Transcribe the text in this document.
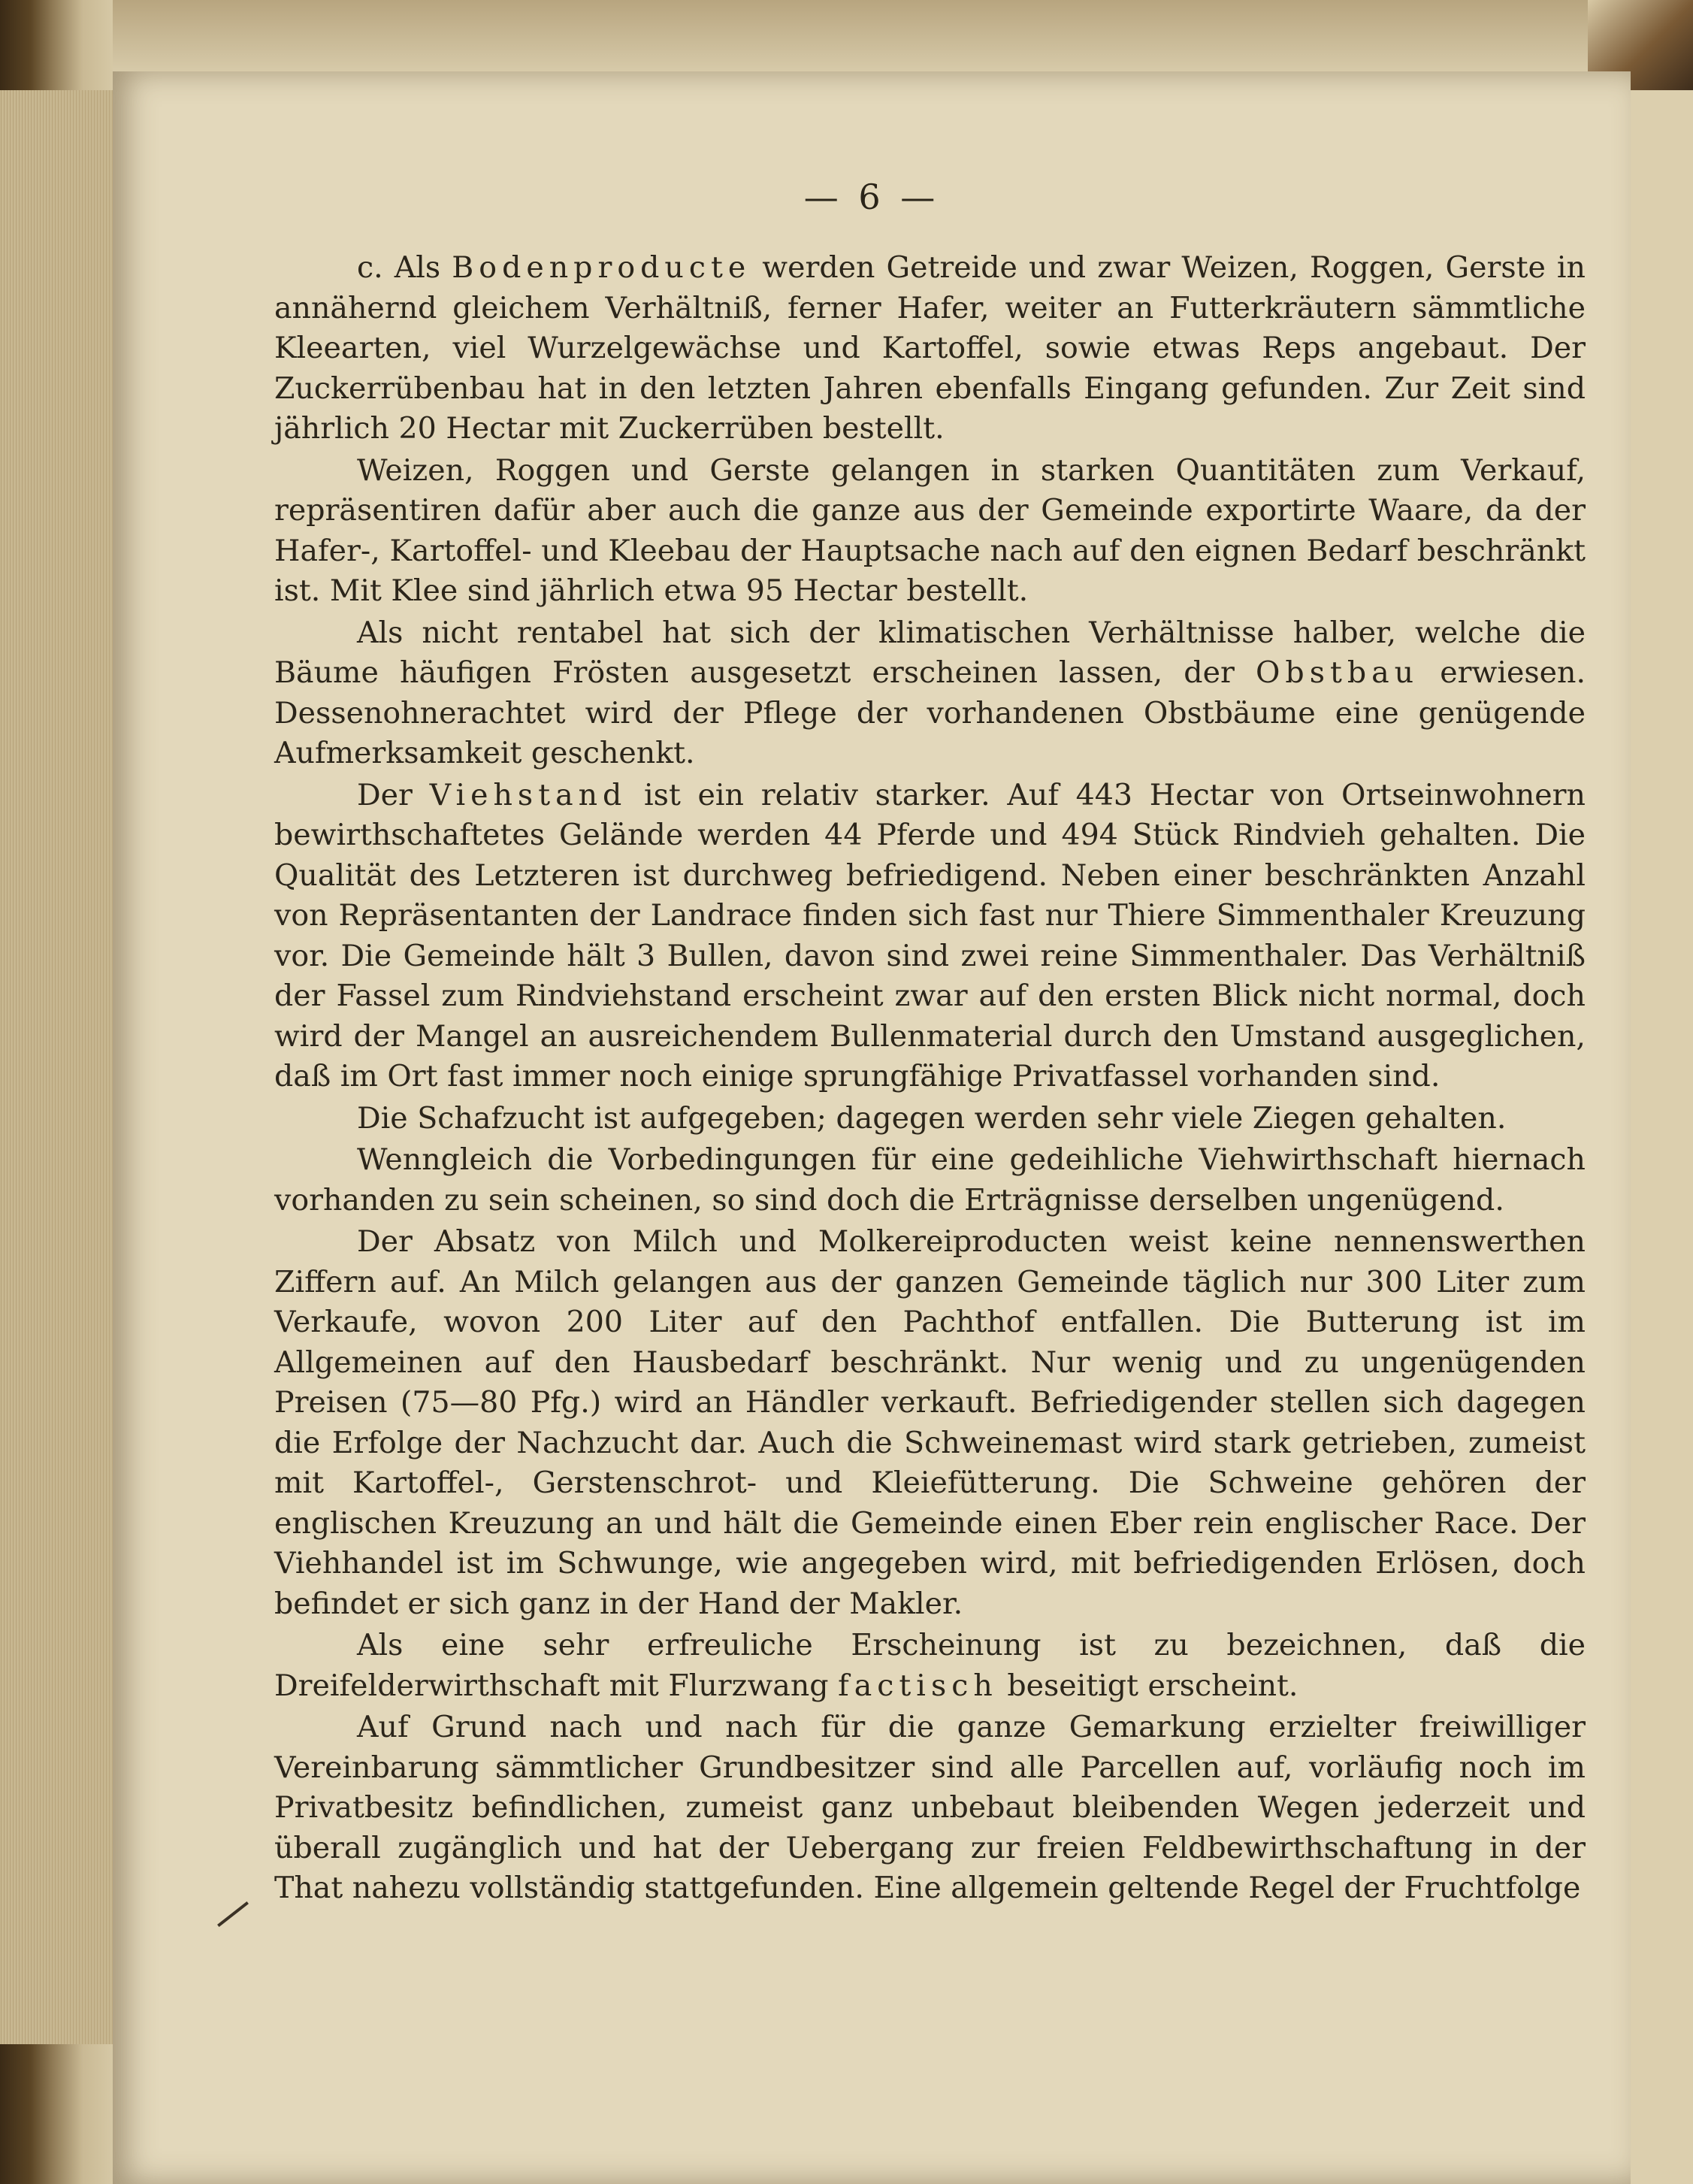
— 6 —

c. Als Bodenproducte werden Getreide und zwar Weizen, Roggen, Gerste in annähernd gleichem Verhältniß, ferner Hafer, weiter an Futterkräutern sämmtliche Kleearten, viel Wurzelgewächse und Kartoffel, sowie etwas Reps angebaut. Der Zuckerrübenbau hat in den letzten Jahren ebenfalls Eingang gefunden. Zur Zeit sind jährlich 20 Hectar mit Zuckerrüben bestellt.

Weizen, Roggen und Gerste gelangen in starken Quantitäten zum Verkauf, repräsentiren dafür aber auch die ganze aus der Gemeinde exportirte Waare, da der Hafer-, Kartoffel- und Kleebau der Hauptsache nach auf den eignen Bedarf beschränkt ist. Mit Klee sind jährlich etwa 95 Hectar bestellt.

Als nicht rentabel hat sich der klimatischen Verhältnisse halber, welche die Bäume häufigen Frösten ausgesetzt erscheinen lassen, der Obstbau erwiesen. Dessenohnerachtet wird der Pflege der vorhandenen Obstbäume eine genügende Aufmerksamkeit geschenkt.

Der Viehstand ist ein relativ starker. Auf 443 Hectar von Ortseinwohnern bewirthschaftetes Gelände werden 44 Pferde und 494 Stück Rindvieh gehalten. Die Qualität des Letzteren ist durchweg befriedigend. Neben einer beschränkten Anzahl von Repräsentanten der Landrace finden sich fast nur Thiere Simmenthaler Kreuzung vor. Die Gemeinde hält 3 Bullen, davon sind zwei reine Simmenthaler. Das Verhältniß der Fassel zum Rindviehstand erscheint zwar auf den ersten Blick nicht normal, doch wird der Mangel an ausreichendem Bullenmaterial durch den Umstand ausgeglichen, daß im Ort fast immer noch einige sprungfähige Privatfassel vorhanden sind.

Die Schafzucht ist aufgegeben; dagegen werden sehr viele Ziegen gehalten.

Wenngleich die Vorbedingungen für eine gedeihliche Viehwirthschaft hiernach vorhanden zu sein scheinen, so sind doch die Erträgnisse derselben ungenügend.

Der Absatz von Milch und Molkereiproducten weist keine nennenswerthen Ziffern auf. An Milch gelangen aus der ganzen Gemeinde täglich nur 300 Liter zum Verkaufe, wovon 200 Liter auf den Pachthof entfallen. Die Butterung ist im Allgemeinen auf den Hausbedarf beschränkt. Nur wenig und zu ungenügenden Preisen (75—80 Pfg.) wird an Händler verkauft. Befriedigender stellen sich dagegen die Erfolge der Nachzucht dar. Auch die Schweinemast wird stark getrieben, zumeist mit Kartoffel-, Gerstenschrot- und Kleiefütterung. Die Schweine gehören der englischen Kreuzung an und hält die Gemeinde einen Eber rein englischer Race. Der Viehhandel ist im Schwunge, wie angegeben wird, mit befriedigenden Erlösen, doch befindet er sich ganz in der Hand der Makler.

Als eine sehr erfreuliche Erscheinung ist zu bezeichnen, daß die Dreifelderwirthschaft mit Flurzwang factisch beseitigt erscheint.

Auf Grund nach und nach für die ganze Gemarkung erzielter freiwilliger Vereinbarung sämmtlicher Grundbesitzer sind alle Parcellen auf, vorläufig noch im Privatbesitz befindlichen, zumeist ganz unbebaut bleibenden Wegen jederzeit und überall zugänglich und hat der Uebergang zur freien Feldbewirthschaftung in der That nahezu vollständig stattgefunden. Eine allgemein geltende Regel der Fruchtfolge
